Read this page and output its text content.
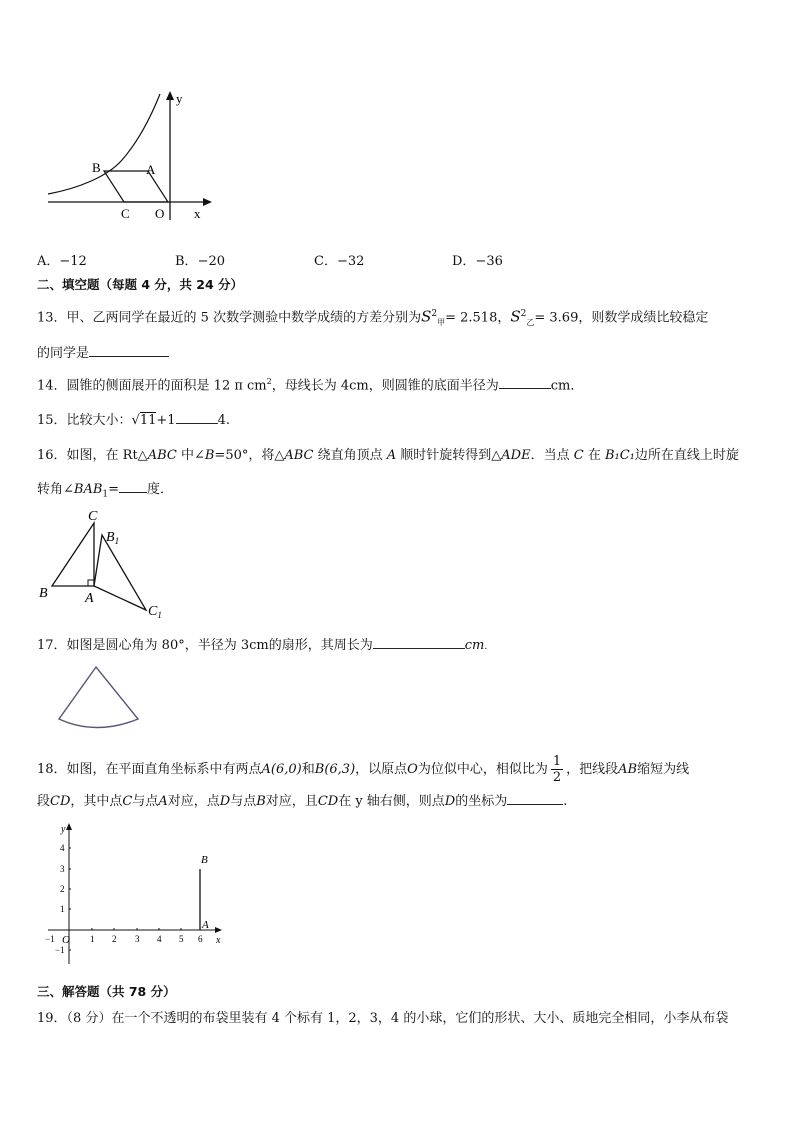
y
x
B	A
C O
A．−12	B．−20	C．−32	D．−36
二、填空题（每题 4 分，共 24 分）
13．甲、乙两同学在最近的 5 次数学测验中数学成绩的方差分别为$S^2_甲= 2.518$，$S^2_乙= 3.69$，则数学成绩比较稳定
的同学是
14．圆锥的侧面展开的面积是 12 π $cm^2$，母线长为 4cm，则圆锥的底面半径为	cm．
15．比较大小：√11+1	4.
16．如图，在 Rt△ABC 中∠B=50°，将△ABC 绕直角顶点 A 顺时针旋转得到△ADE．当点 C 在 B₁C₁边所在直线上时旋
转角$\angle BAB_1=$ 度．
C
$B_1$
B	A
$C_1$
17．如图是圆心角为 80°，半径为 3cm的扇形，其周长为	cm.
18．如图，在平面直角坐标系中有两点A(6,0)和B(6,3)，以原点O为位似中心，相似比为 $\frac{1}{2}$ ，把线段AB缩短为线
段CD，其中点C与点A对应，点D与点B对应，且CD在 y 轴右侧，则点D的坐标为	.
y
x
O
B
A
−1	1 2 3 4 5 6
4
3
2
1
−1
三、解答题（共 78 分）
19．（8 分）在一个不透明的布袋里装有 4 个标有 1，2，3，4 的小球，它们的形状、大小、质地完全相同，小李从布袋
